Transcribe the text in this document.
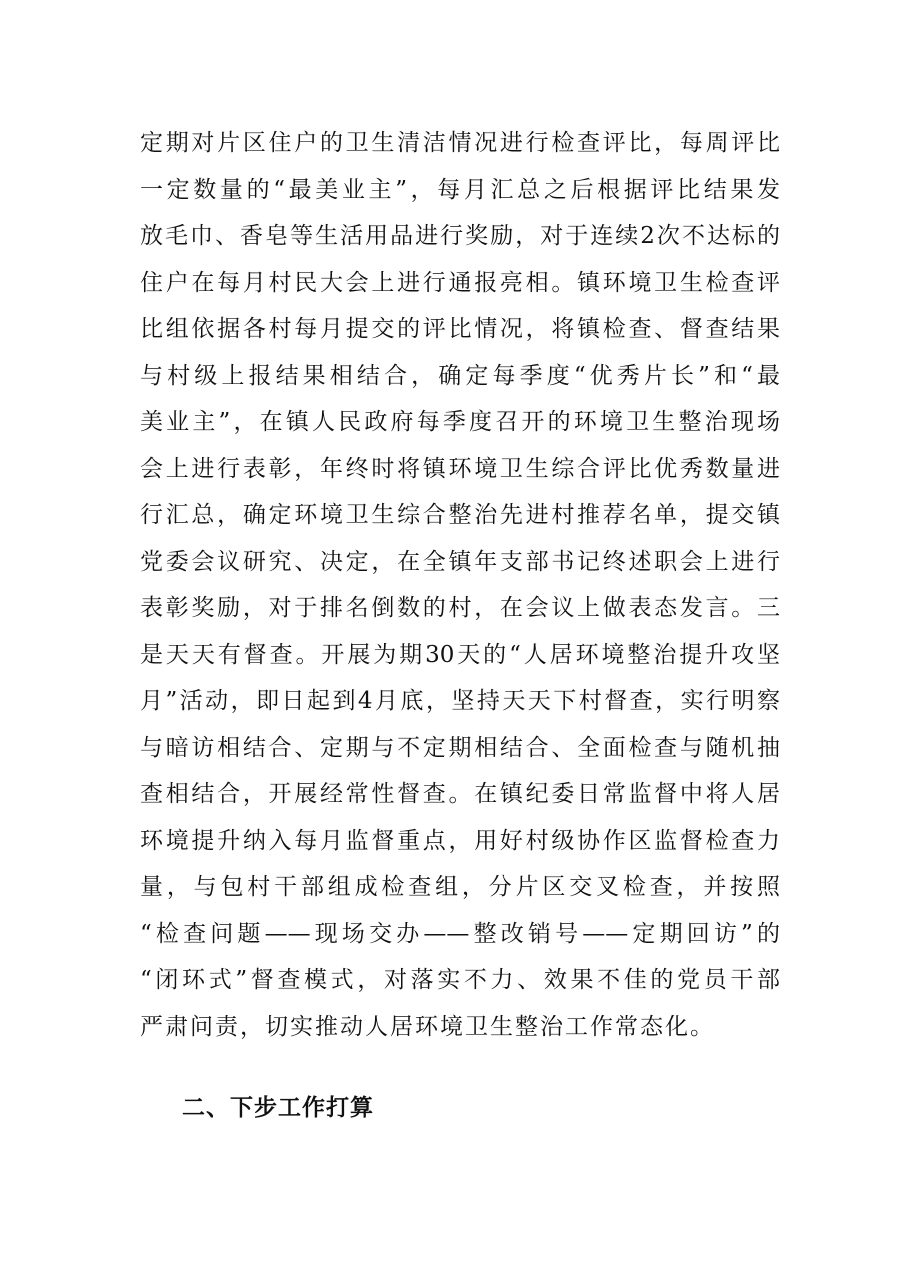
定期对片区住户的卫生清洁情况进行检查评比，每周评比
一定数量的“最美业主”，每月汇总之后根据评比结果发
放毛巾、香皂等生活用品进行奖励，对于连续2次不达标的
住户在每月村民大会上进行通报亮相。镇环境卫生检查评
比组依据各村每月提交的评比情况，将镇检查、督查结果
与村级上报结果相结合，确定每季度“优秀片长”和“最
美业主”，在镇人民政府每季度召开的环境卫生整治现场
会上进行表彰，年终时将镇环境卫生综合评比优秀数量进
行汇总，确定环境卫生综合整治先进村推荐名单，提交镇
党委会议研究、决定，在全镇年支部书记终述职会上进行
表彰奖励，对于排名倒数的村，在会议上做表态发言。三
是天天有督查。开展为期30天的“人居环境整治提升攻坚
月”活动，即日起到4月底，坚持天天下村督查，实行明察
与暗访相结合、定期与不定期相结合、全面检查与随机抽
查相结合，开展经常性督查。在镇纪委日常监督中将人居
环境提升纳入每月监督重点，用好村级协作区监督检查力
量，与包村干部组成检查组，分片区交叉检查，并按照
“检查问题——现场交办——整改销号——定期回访”的
“闭环式”督查模式，对落实不力、效果不佳的党员干部
严肃问责，切实推动人居环境卫生整治工作常态化。
二、下步工作打算
